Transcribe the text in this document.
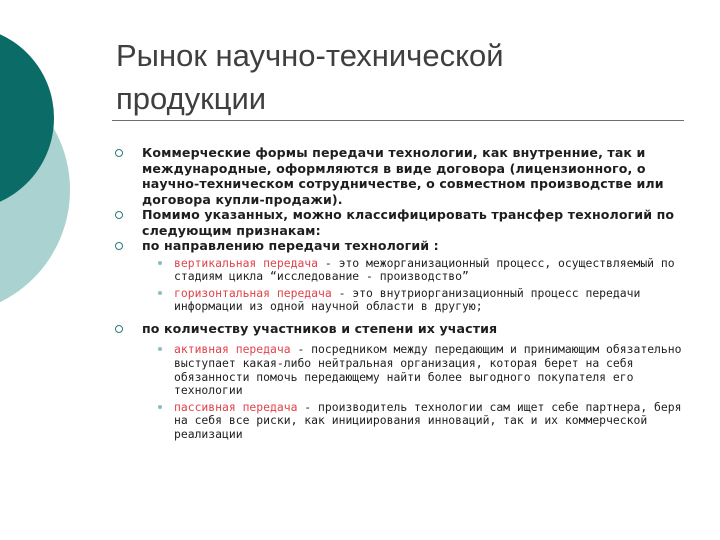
Рынок научно-технической
продукции
Коммерческие формы передачи технологии, как внутренние, так и международные, оформляются в виде договора (лицензионного, о научно-техническом сотрудничестве, о совместном производстве или договора купли-продажи).
Помимо указанных, можно классифицировать трансфер технологий по следующим признакам:
по направлению передачи технологий :
вертикальная передача - это межорганизационный процесс, осуществляемый по стадиям цикла “исследование - производство”
горизонтальная передача - это внутриорганизационный процесс передачи информации из одной научной области в другую;
по количеству участников и степени их участия
активная передача - посредником между передающим и принимающим обязательно выступает какая-либо нейтральная организация, которая берет на себя обязанности помочь передающему найти более выгодного покупателя его технологии
пассивная передача - производитель технологии сам ищет себе партнера, беря на себя все риски, как инициирования инноваций, так и их коммерческой реализации
